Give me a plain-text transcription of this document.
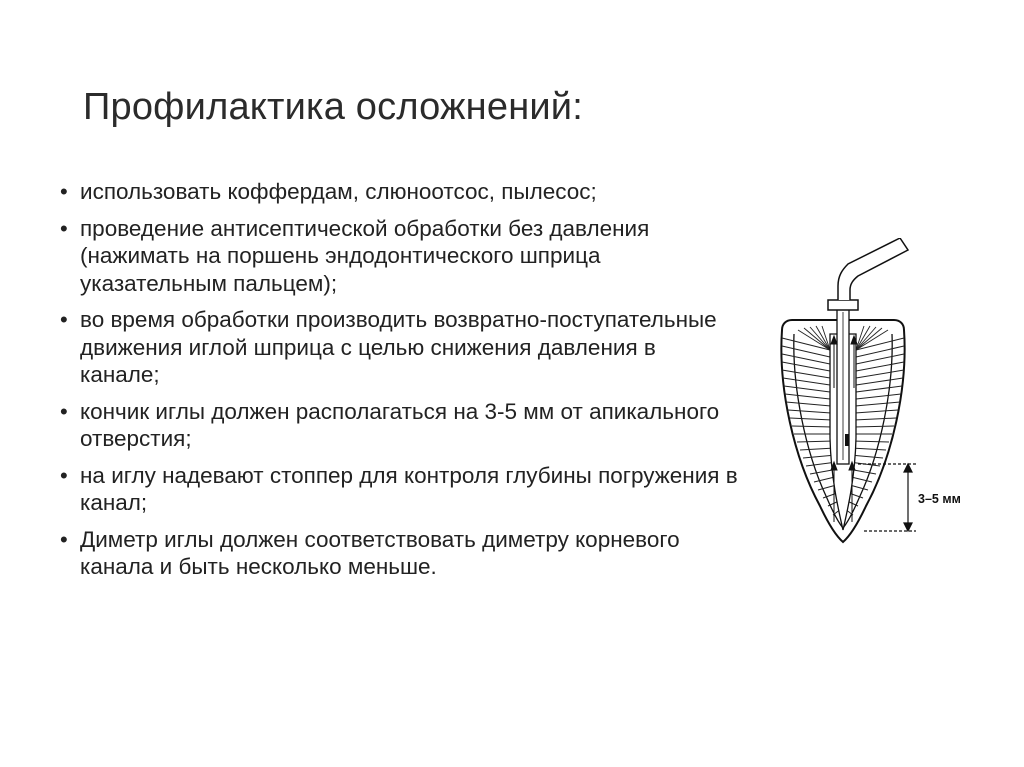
Профилактика осложнений:
• использовать коффердам, слюноотсос, пылесос;
• проведение антисептической обработки без давления (нажимать на поршень эндодонтического шприца указательным пальцем);
• во время обработки производить возвратно-поступательные движения иглой шприца с целью снижения давления в канале;
• кончик иглы должен располагаться на 3-5 мм от апикального отверстия;
• на иглу надевают стоппер для контроля глубины погружения в канал;
• Диметр иглы должен соответствовать диметру корневого канала и быть несколько меньше.
3–5 мм
